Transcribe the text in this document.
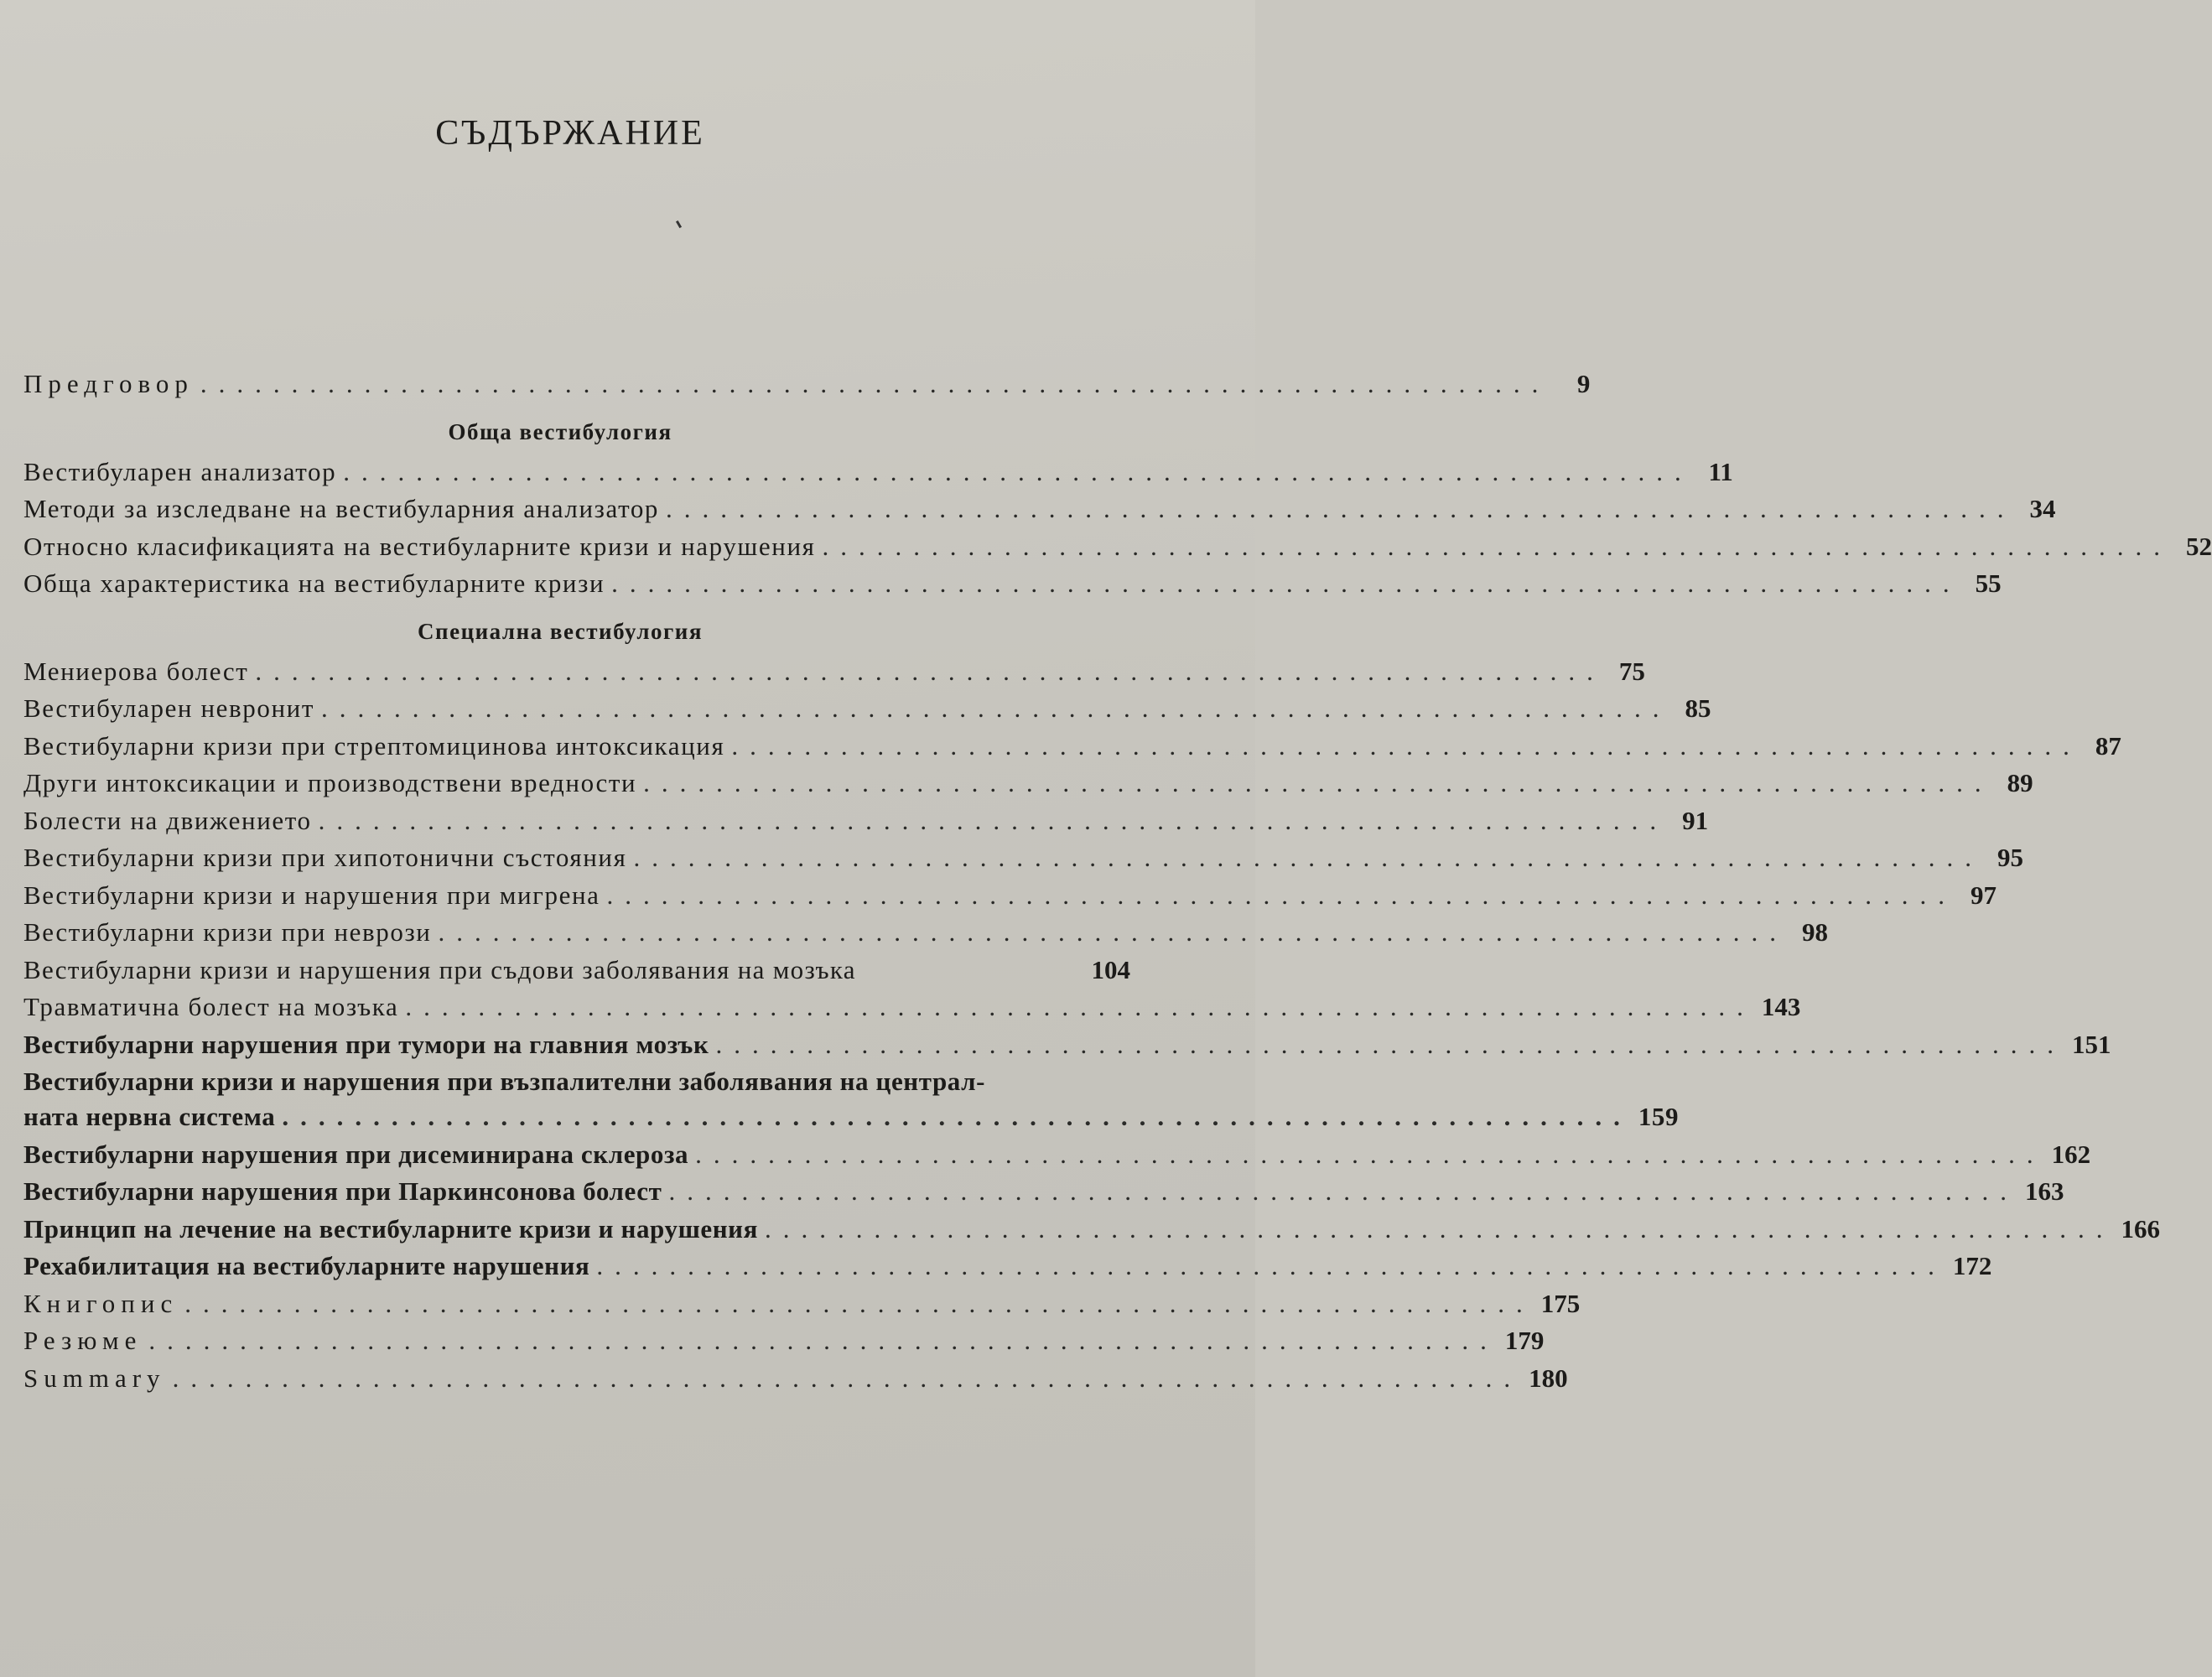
СЪДЪРЖАНИЕ
Предговор ..........................................................................	9
Обща вестибулогия
Вестибуларен анализатор .......................................................................... 11
Методи за изследване на вестибуларния анализатор .......................................................................... 34
Относно класификацията на вестибуларните кризи и нарушения .......................................................................... 52
Обща характеристика на вестибуларните кризи .......................................................................... 55
Специална вестибулогия
Мениерова болест .......................................................................... 75
Вестибуларен невронит .......................................................................... 85
Вестибуларни кризи при стрептомицинова интоксикация .......................................................................... 87
Други интоксикации и производствени вредности .......................................................................... 89
Болести на движението .......................................................................... 91
Вестибуларни кризи при хипотонични състояния .......................................................................... 95
Вестибуларни кризи и нарушения при мигрена .......................................................................... 97
Вестибуларни кризи при неврози .......................................................................... 98
Вестибуларни кризи и нарушения при съдови заболявания на мозъка	104
Травматична болест на мозъка .......................................................................... 143
Вестибуларни нарушения при тумори на главния мозък .......................................................................... 151
Вестибуларни кризи и нарушения при възпалителни заболявания на централ-
ната нервна система .......................................................................... 159
Вестибуларни нарушения при дисеминирана склероза .......................................................................... 162
Вестибуларни нарушения при Паркинсонова болест .......................................................................... 163
Принцип на лечение на вестибуларните кризи и нарушения .......................................................................... 166
Рехабилитация на вестибуларните нарушения .......................................................................... 172
Книгопис .......................................................................... 175
Резюме .......................................................................... 179
Summary .......................................................................... 180
